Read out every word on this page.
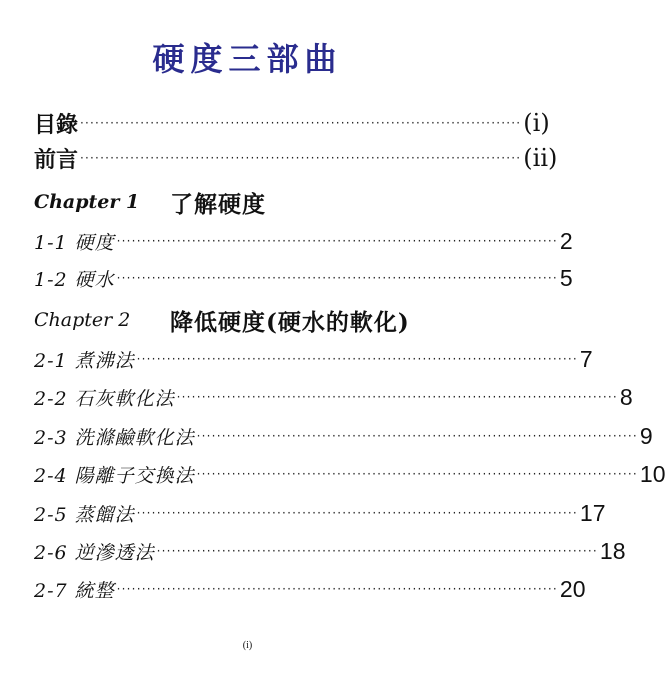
硬度三部曲
目錄 ························································································ (i)
前言 ························································································ (ii)
Chapter 1	了解硬度
1-1 硬度 ························································································ 2
1-2 硬水 ························································································ 5
Chapter 2	降低硬度(硬水的軟化)
2-1 煮沸法 ························································································ 7
2-2 石灰軟化法 ························································································ 8
2-3 洗滌鹼軟化法 ························································································ 9
2-4 陽離子交換法 ························································································ 10
2-5 蒸餾法 ························································································ 17
2-6 逆滲透法 ························································································ 18
2-7 統整 ························································································ 20
(i)
